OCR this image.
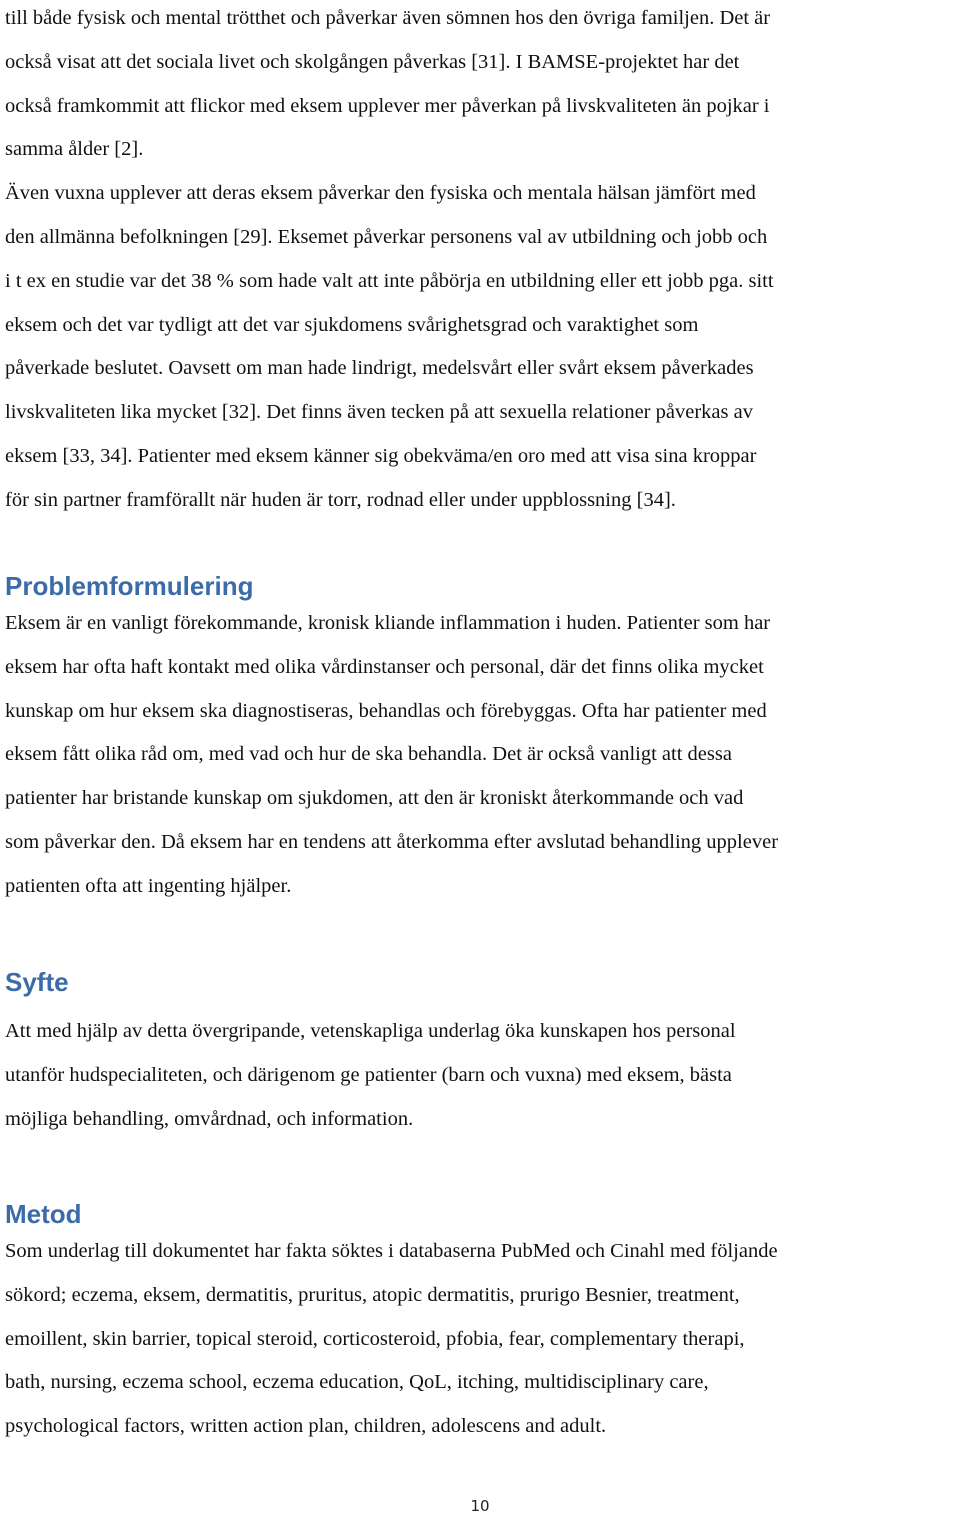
till både fysisk och mental trötthet och påverkar även sömnen hos den övriga familjen. Det är
också visat att det sociala livet och skolgången påverkas [31]. I BAMSE-projektet har det
också framkommit att flickor med eksem upplever mer påverkan på livskvaliteten än pojkar i
samma ålder [2].
Även vuxna upplever att deras eksem påverkar den fysiska och mentala hälsan jämfört med
den allmänna befolkningen [29]. Eksemet påverkar personens val av utbildning och jobb och
i t ex en studie var det 38 % som hade valt att inte påbörja en utbildning eller ett jobb pga. sitt
eksem och det var tydligt att det var sjukdomens svårighetsgrad och varaktighet som
påverkade beslutet. Oavsett om man hade lindrigt, medelsvårt eller svårt eksem påverkades
livskvaliteten lika mycket [32]. Det finns även tecken på att sexuella relationer påverkas av
eksem [33, 34]. Patienter med eksem känner sig obekväma/en oro med att visa sina kroppar
för sin partner framförallt när huden är torr, rodnad eller under uppblossning [34].
Problemformulering
Eksem är en vanligt förekommande, kronisk kliande inflammation i huden. Patienter som har
eksem har ofta haft kontakt med olika vårdinstanser och personal, där det finns olika mycket
kunskap om hur eksem ska diagnostiseras, behandlas och förebyggas. Ofta har patienter med
eksem fått olika råd om, med vad och hur de ska behandla. Det är också vanligt att dessa
patienter har bristande kunskap om sjukdomen, att den är kroniskt återkommande och vad
som påverkar den. Då eksem har en tendens att återkomma efter avslutad behandling upplever
patienten ofta att ingenting hjälper.
Syfte
Att med hjälp av detta övergripande, vetenskapliga underlag öka kunskapen hos personal
utanför hudspecialiteten, och därigenom ge patienter (barn och vuxna) med eksem, bästa
möjliga behandling, omvårdnad, och information.
Metod
Som underlag till dokumentet har fakta söktes i databaserna PubMed och Cinahl med följande
sökord; eczema, eksem, dermatitis, pruritus, atopic dermatitis, prurigo Besnier, treatment,
emoillent, skin barrier, topical steroid, corticosteroid, pfobia, fear, complementary therapi,
bath, nursing, eczema school, eczema education, QoL, itching, multidisciplinary care,
psychological factors, written action plan, children, adolescens and adult.
10
